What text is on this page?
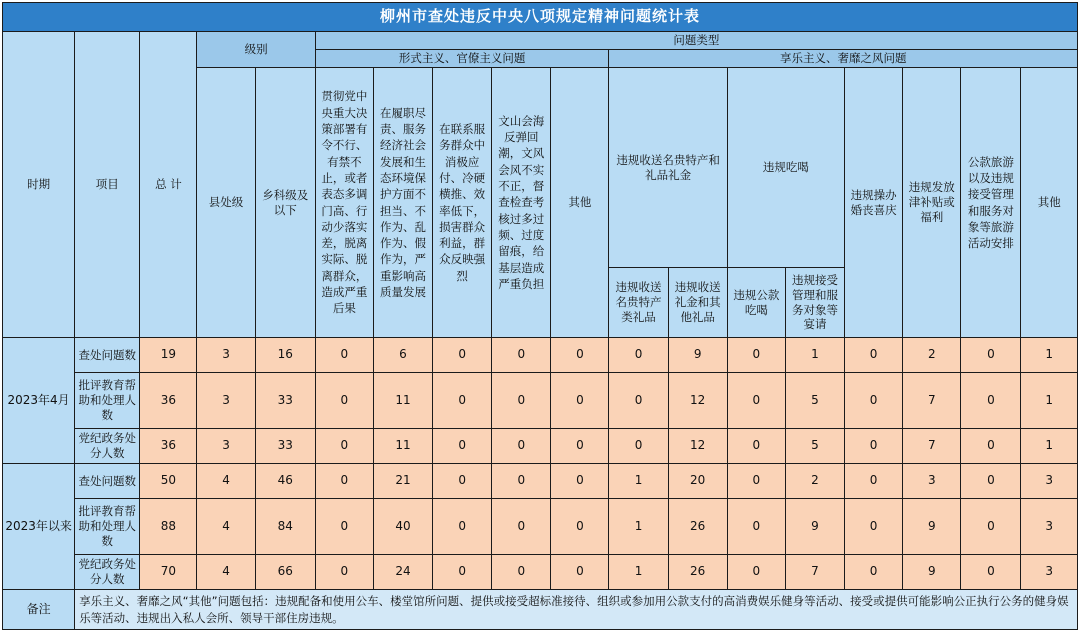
柳州市查处违反中央八项规定精神问题统计表																	
时期	项目	总 计	级别		问题类型												
					形式主义、官僚主义问题					享乐主义、奢靡之风问题							
			县处级	乡科级及以下	贯彻党中央重大决策部署有令不行、有禁不止，或者表态多调门高、行动少落实差，脱离实际、脱离群众，造成严重后果	在履职尽责、服务经济社会发展和生态环境保护方面不担当、不作为、乱作为、假作为，严重影响高质量发展	在联系服务群众中消极应付、冷硬横推、效率低下，损害群众利益，群众反映强烈	文山会海反弹回潮，文风会风不实不正，督查检查考核过多过频、过度留痕，给基层造成严重负担	其他	违规收送名贵特产和礼品礼金		违规吃喝		违规操办婚丧喜庆	违规发放津补贴或福利	公款旅游以及违规接受管理和服务对象等旅游活动安排	其他

										违规收送名贵特产类礼品	违规收送礼金和其他礼品	违规公款吃喝	违规接受管理和服务对象等宴请				
2023年4月	查处问题数	19	3	16	0	6	0	0	0	0	9	0	1	0	2	0	1
	批评教育帮助和处理人数	36	3	33	0	11	0	0	0	0	12	0	5	0	7	0	1
	党纪政务处分人数	36	3	33	0	11	0	0	0	0	12	0	5	0	7	0	1
2023年以来	查处问题数	50	4	46	0	21	0	0	0	1	20	0	2	0	3	0	3
	批评教育帮助和处理人数	88	4	84	0	40	0	0	0	1	26	0	9	0	9	0	3
	党纪政务处分人数	70	4	66	0	24	0	0	0	1	26	0	7	0	9	0	3
备注	享乐主义、奢靡之风“其他”问题包括：违规配备和使用公车、楼堂馆所问题、提供或接受超标准接待、组织或参加用公款支付的高消费娱乐健身等活动、接受或提供可能影响公正执行公务的健身娱乐等活动、违规出入私人会所、领导干部住房违规。																
